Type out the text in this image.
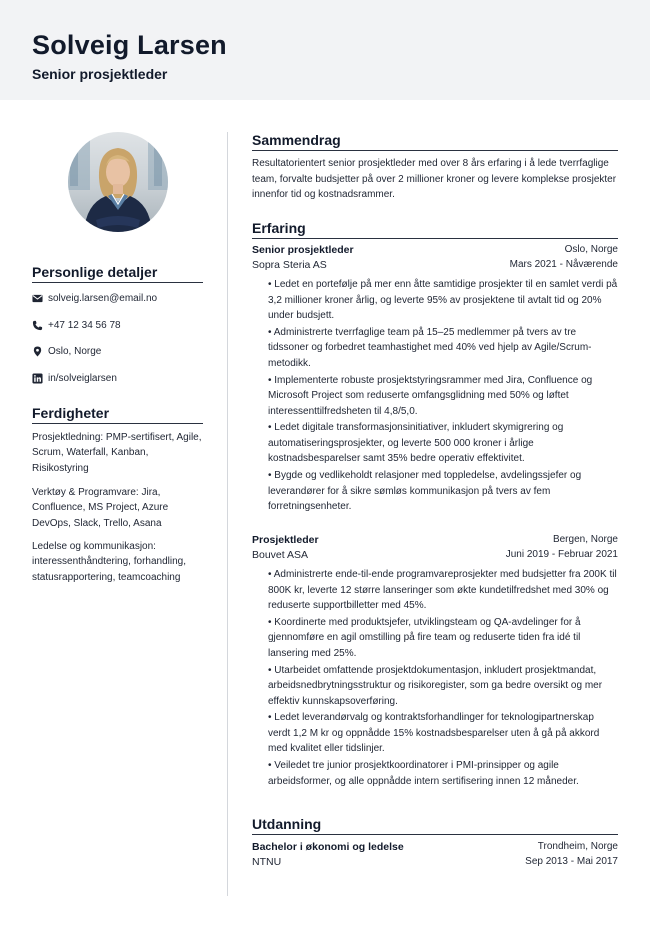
Solveig Larsen
Senior prosjektleder
Personlige detaljer
solveig.larsen@email.no
+47 12 34 56 78
Oslo, Norge
in/solveiglarsen
Ferdigheter
Prosjektledning: PMP-sertifisert, Agile, Scrum, Waterfall, Kanban, Risikostyring
Verktøy & Programvare: Jira, Confluence, MS Project, Azure DevOps, Slack, Trello, Asana
Ledelse og kommunikasjon: interessenthåndtering, forhandling, statusrapportering, teamcoaching
Sammendrag
Resultatorientert senior prosjektleder med over 8 års erfaring i å lede tverrfaglige team, forvalte budsjetter på over 2 millioner kroner og levere komplekse prosjekter innenfor tid og kostnadsrammer.
Erfaring
Senior prosjektleder	Oslo, Norge
Sopra Steria AS	Mars 2021 - Nåværende
• Ledet en portefølje på mer enn åtte samtidige prosjekter til en samlet verdi på 3,2 millioner kroner årlig, og leverte 95% av prosjektene til avtalt tid og 20% under budsjett.
• Administrerte tverrfaglige team på 15–25 medlemmer på tvers av tre tidssoner og forbedret teamhastighet med 40% ved hjelp av Agile/Scrum-metodikk.
• Implementerte robuste prosjektstyringsrammer med Jira, Confluence og Microsoft Project som reduserte omfangsglidning med 50% og løftet interessenttilfredsheten til 4,8/5,0.
• Ledet digitale transformasjonsinitiativer, inkludert skymigrering og automatiseringsprosjekter, og leverte 500 000 kroner i årlige kostnadsbesparelser samt 35% bedre operativ effektivitet.
• Bygde og vedlikeholdt relasjoner med toppledelse, avdelingssjefer og leverandører for å sikre sømløs kommunikasjon på tvers av fem forretningsenheter.
Prosjektleder	Bergen, Norge
Bouvet ASA	Juni 2019 - Februar 2021
• Administrerte ende-til-ende programvareprosjekter med budsjetter fra 200K til 800K kr, leverte 12 større lanseringer som økte kundetilfredshet med 30% og reduserte supportbilletter med 45%.
• Koordinerte med produktsjefer, utviklingsteam og QA-avdelinger for å gjennomføre en agil omstilling på fire team og reduserte tiden fra idé til lansering med 25%.
• Utarbeidet omfattende prosjektdokumentasjon, inkludert prosjektmandat, arbeidsnedbrytningsstruktur og risikoregister, som ga bedre oversikt og mer effektiv kunnskapsoverføring.
• Ledet leverandørvalg og kontraktsforhandlinger for teknologipartnerskap verdt 1,2 M kr og oppnådde 15% kostnadsbesparelser uten å gå på akkord med kvalitet eller tidslinjer.
• Veiledet tre junior prosjektkoordinatorer i PMI-prinsipper og agile arbeidsformer, og alle oppnådde intern sertifisering innen 12 måneder.
Utdanning
Bachelor i økonomi og ledelse	Trondheim, Norge
NTNU	Sep 2013 - Mai 2017
